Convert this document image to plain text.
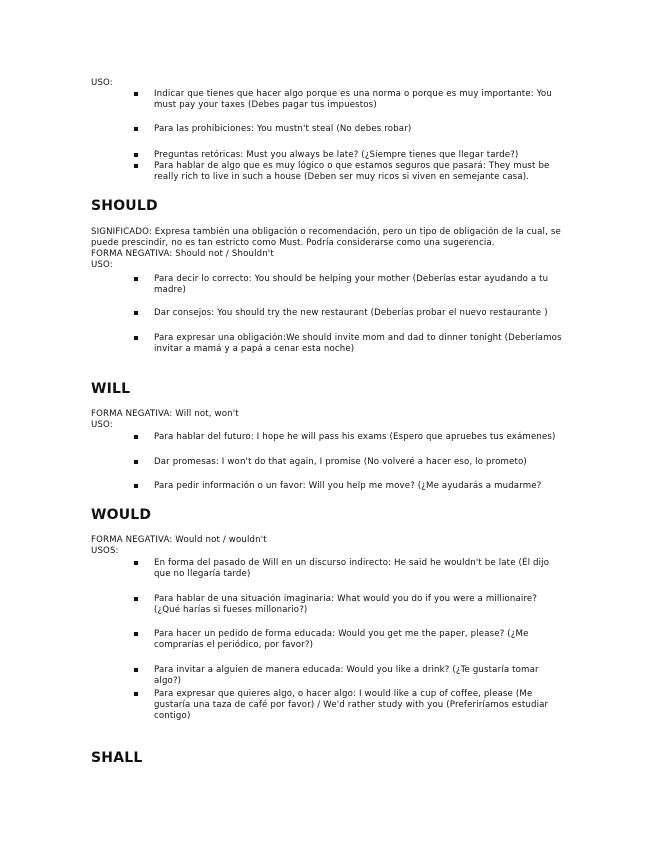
USO:
Indicar que tienes que hacer algo porque es una norma o porque es muy importante: You must pay your taxes (Debes pagar tus impuestos)
Para las prohibiciones: You mustn't steal (No debes robar)
Preguntas retóricas: Must you always be late? (¿Siempre tienes que llegar tarde?)
Para hablar de algo que es muy lógico o que estamos seguros que pasará: They must be really rich to live in such a house (Deben ser muy ricos si viven en semejante casa).
SHOULD
SIGNIFICADO: Expresa también una obligación o recomendación, pero un tipo de obligación de la cual, se puede prescindir, no es tan estricto como Must. Podría considerarse como una sugerencia.
FORMA NEGATIVA: Should not / Shouldn't
USO:
Para decir lo correcto: You should be helping your mother (Deberías estar ayudando a tu madre)
Dar consejos: You should try the new restaurant (Deberías probar el nuevo restaurante )
Para expresar una obligación:We should invite mom and dad to dinner tonight (Deberíamos invitar a mamá y a papá a cenar esta noche)
WILL
FORMA NEGATIVA: Will not, won't
USO:
Para hablar del futuro: I hope he will pass his exams (Espero que apruebes tus exámenes)
Dar promesas: I won't do that again, I promise (No volveré a hacer eso, lo prometo)
Para pedir información o un favor: Will you help me move? (¿Me ayudarás a mudarme?
WOULD
FORMA NEGATIVA: Would not / wouldn't
USOS:
En forma del pasado de Will en un discurso indirecto: He said he wouldn't be late (Él dijo que no llegaría tarde)
Para hablar de una situación imaginaria: What would you do if you were a millionaire? (¿Qué harías si fueses millonario?)
Para hacer un pedido de forma educada: Would you get me the paper, please? (¿Me comprarías el periódico, por favor?)
Para invitar a alguien de manera educada: Would you like a drink? (¿Te gustaría tomar algo?)
Para expresar que quieres algo, o hacer algo: I would like a cup of coffee, please (Me gustaría una taza de café por favor) / We'd rather study with you (Preferiríamos estudiar contigo)
SHALL
